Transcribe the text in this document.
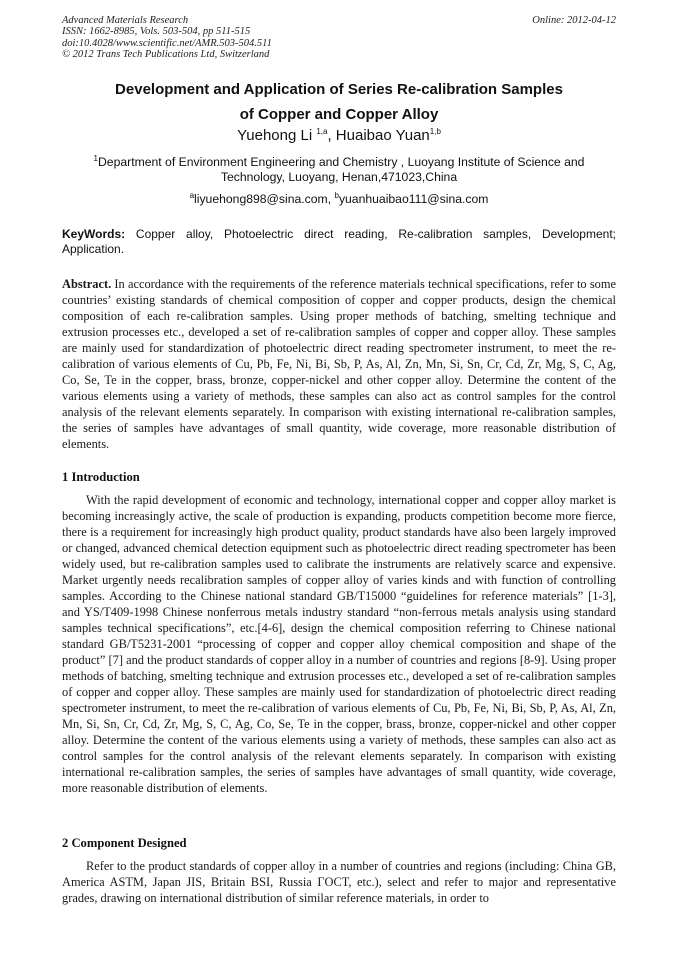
Advanced Materials Research
ISSN: 1662-8985, Vols. 503-504, pp 511-515
doi:10.4028/www.scientific.net/AMR.503-504.511
© 2012 Trans Tech Publications Ltd, Switzerland
Online: 2012-04-12
Development and Application of Series Re-calibration Samples
of Copper and Copper Alloy
Yuehong Li $^{1,a}$, Huaibao Yuan$^{1,b}$
$^1$Department of Environment Engineering and Chemistry , Luoyang Institute of Science and Technology, Luoyang, Henan,471023,China
$^a$liyuehong898@sina.com, $^b$yuanhuaibao111@sina.com
KeyWords: Copper alloy, Photoelectric direct reading, Re-calibration samples, Development; Application.
Abstract. In accordance with the requirements of the reference materials technical specifications, refer to some countries’ existing standards of chemical composition of copper and copper products, design the chemical composition of each re-calibration samples. Using proper methods of batching, smelting technique and extrusion processes etc., developed a set of re-calibration samples of copper and copper alloy. These samples are mainly used for standardization of photoelectric direct reading spectrometer instrument, to meet the re-calibration of various elements of Cu, Pb, Fe, Ni, Bi, Sb, P, As, Al, Zn, Mn, Si, Sn, Cr, Cd, Zr, Mg, S, C, Ag, Co, Se, Te in the copper, brass, bronze, copper-nickel and other copper alloy. Determine the content of the various elements using a variety of methods, these samples can also act as control samples for the control analysis of the relevant elements separately. In comparison with existing international re-calibration samples, the series of samples have advantages of small quantity, wide coverage, more reasonable distribution of elements.
1 Introduction
With the rapid development of economic and technology, international copper and copper alloy market is becoming increasingly active, the scale of production is expanding, products competition become more fierce, there is a requirement for increasingly high product quality, product standards have also been largely improved or changed, advanced chemical detection equipment such as photoelectric direct reading spectrometer has been widely used, but re-calibration samples used to calibrate the instruments are relatively scarce and expensive. Market urgently needs recalibration samples of copper alloy of varies kinds and with function of controlling samples. According to the Chinese national standard GB/T15000 “guidelines for reference materials” [1-3], and YS/T409-1998 Chinese nonferrous metals industry standard “non-ferrous metals analysis using standard samples technical specifications”, etc.[4-6], design the chemical composition referring to Chinese national standard GB/T5231-2001 “processing of copper and copper alloy chemical composition and shape of the product” [7] and the product standards of copper alloy in a number of countries and regions [8-9]. Using proper methods of batching, smelting technique and extrusion processes etc., developed a set of re-calibration samples of copper and copper alloy. These samples are mainly used for standardization of photoelectric direct reading spectrometer instrument, to meet the re-calibration of various elements of Cu, Pb, Fe, Ni, Bi, Sb, P, As, Al, Zn, Mn, Si, Sn, Cr, Cd, Zr, Mg, S, C, Ag, Co, Se, Te in the copper, brass, bronze, copper-nickel and other copper alloy. Determine the content of the various elements using a variety of methods, these samples can also act as control samples for the control analysis of the relevant elements separately. In comparison with existing international re-calibration samples, the series of samples have advantages of small quantity, wide coverage, more reasonable distribution of elements.
2 Component Designed
Refer to the product standards of copper alloy in a number of countries and regions (including: China GB, America ASTM, Japan JIS, Britain BSI, Russia ГOCT, etc.), select and refer to major and representative grades, drawing on international distribution of similar reference materials, in order to
